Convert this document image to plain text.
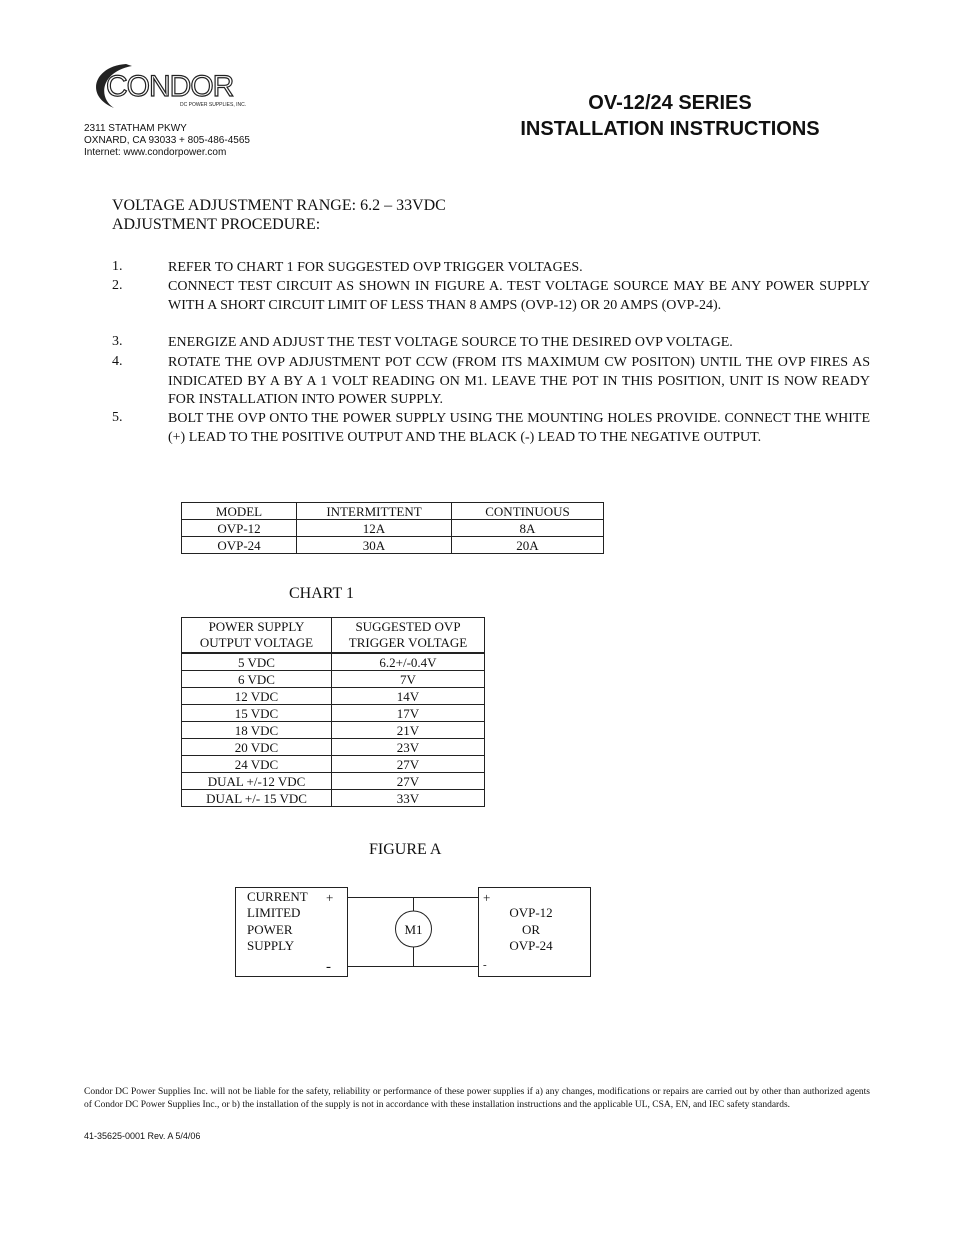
CONDOR
DC POWER SUPPLIES, INC.
2311 STATHAM PKWY
OXNARD, CA 93033 + 805-486-4565
Internet: www.condorpower.com
OV-12/24 SERIES
INSTALLATION INSTRUCTIONS
VOLTAGE ADJUSTMENT RANGE: 6.2 – 33VDC
ADJUSTMENT PROCEDURE:
1.	REFER TO CHART 1 FOR SUGGESTED OVP TRIGGER VOLTAGES.
2.	CONNECT TEST CIRCUIT AS SHOWN IN FIGURE A. TEST VOLTAGE SOURCE MAY BE ANY POWER SUPPLY WITH A SHORT CIRCUIT LIMIT OF LESS THAN 8 AMPS (OVP-12) OR 20 AMPS (OVP-24).
3.	ENERGIZE AND ADJUST THE TEST VOLTAGE SOURCE TO THE DESIRED OVP VOLTAGE.
4.	ROTATE THE OVP ADJUSTMENT POT CCW (FROM ITS MAXIMUM CW POSITON) UNTIL THE OVP FIRES AS INDICATED BY A BY A 1 VOLT READING ON M1. LEAVE THE POT IN THIS POSITION, UNIT IS NOW READY FOR INSTALLATION INTO POWER SUPPLY.
5.	BOLT THE OVP ONTO THE POWER SUPPLY USING THE MOUNTING HOLES PROVIDE. CONNECT THE WHITE (+) LEAD TO THE POSITIVE OUTPUT AND THE BLACK (-) LEAD TO THE NEGATIVE OUTPUT.
MODEL	INTERMITTENT	CONTINUOUS
OVP-12	12A	8A
OVP-24	30A	20A
CHART 1
POWER SUPPLY
OUTPUT VOLTAGE	SUGGESTED OVP
TRIGGER VOLTAGE
5 VDC	6.2+/-0.4V
6 VDC	7V
12 VDC	14V
15 VDC	17V
18 VDC	21V
20 VDC	23V
24 VDC	27V
DUAL +/-12 VDC	27V
DUAL +/- 15 VDC	33V
FIGURE A
CURRENT
LIMITED
POWER
SUPPLY
+
-
+
-
OVP-12
OR
OVP-24
M1
Condor DC Power Supplies Inc. will not be liable for the safety, reliability or performance of these power supplies if a) any changes, modifications or repairs are carried out by other than authorized agents of Condor DC Power Supplies Inc., or b) the installation of the supply is not in accordance with these installation instructions and the applicable UL, CSA, EN, and IEC safety standards.
41-35625-0001 Rev. A 5/4/06
